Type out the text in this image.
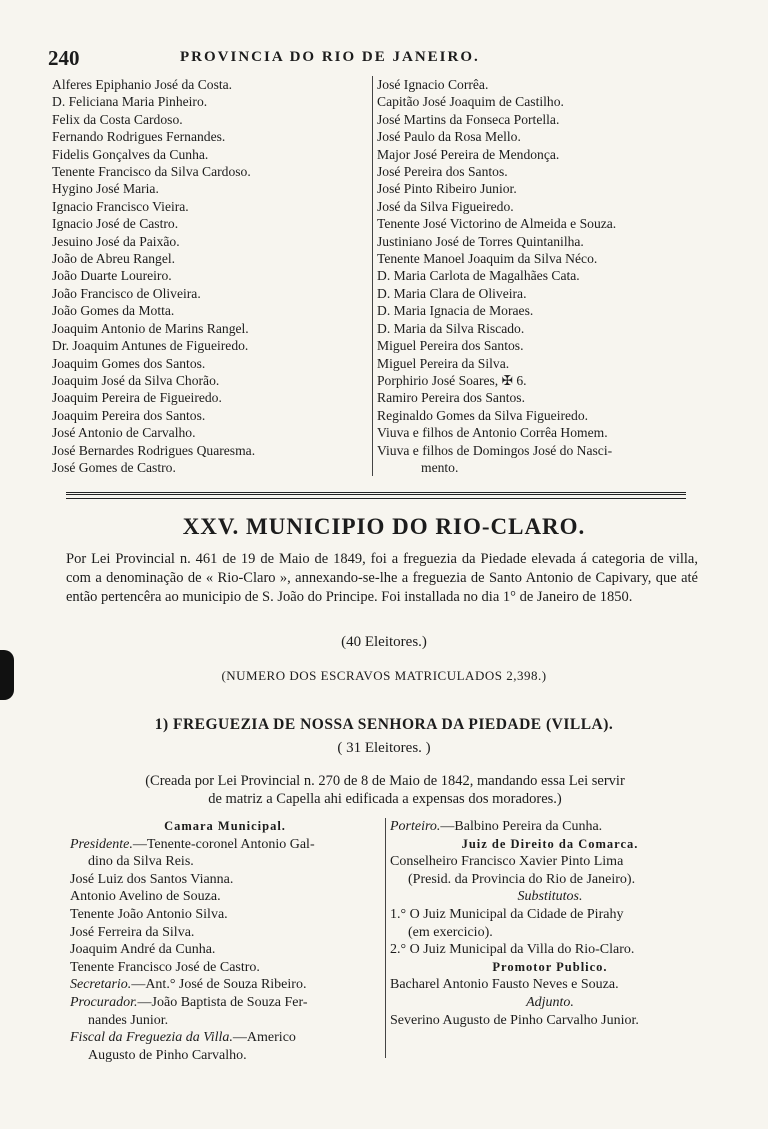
240	PROVINCIA DO RIO DE JANEIRO.
Alferes Epiphanio José da Costa.
D. Feliciana Maria Pinheiro.
Felix da Costa Cardoso.
Fernando Rodrigues Fernandes.
Fidelis Gonçalves da Cunha.
Tenente Francisco da Silva Cardoso.
Hygino José Maria.
Ignacio Francisco Vieira.
Ignacio José de Castro.
Jesuino José da Paixão.
João de Abreu Rangel.
João Duarte Loureiro.
João Francisco de Oliveira.
João Gomes da Motta.
Joaquim Antonio de Marins Rangel.
Dr. Joaquim Antunes de Figueiredo.
Joaquim Gomes dos Santos.
Joaquim José da Silva Chorão.
Joaquim Pereira de Figueiredo.
Joaquim Pereira dos Santos.
José Antonio de Carvalho.
José Bernardes Rodrigues Quaresma.
José Gomes de Castro.
José Ignacio Corrêa.
Capitão José Joaquim de Castilho.
José Martins da Fonseca Portella.
José Paulo da Rosa Mello.
Major José Pereira de Mendonça.
José Pereira dos Santos.
José Pinto Ribeiro Junior.
José da Silva Figueiredo.
Tenente José Victorino de Almeida e Souza.
Justiniano José de Torres Quintanilha.
Tenente Manoel Joaquim da Silva Néco.
D. Maria Carlota de Magalhães Cata.
D. Maria Clara de Oliveira.
D. Maria Ignacia de Moraes.
D. Maria da Silva Riscado.
Miguel Pereira dos Santos.
Miguel Pereira da Silva.
Porphirio José Soares, ✠ 6.
Ramiro Pereira dos Santos.
Reginaldo Gomes da Silva Figueiredo.
Viuva e filhos de Antonio Corrêa Homem.
Viuva e filhos de Domingos José do Nasci-
mento.
XXV. MUNICIPIO DO RIO-CLARO.
Por Lei Provincial n. 461 de 19 de Maio de 1849, foi a freguezia da Piedade elevada á categoria de villa, com a denominação de « Rio-Claro », annexando-se-lhe a freguezia de Santo Antonio de Capivary, que até então pertencêra ao municipio de S. João do Principe. Foi installada no dia 1° de Janeiro de 1850.
(40 Eleitores.)
(NUMERO DOS ESCRAVOS MATRICULADOS 2,398.)
1) FREGUEZIA DE NOSSA SENHORA DA PIEDADE (VILLA).
( 31 Eleitores. )
(Creada por Lei Provincial n. 270 de 8 de Maio de 1842, mandando essa Lei servir
de matriz a Capella ahi edificada a expensas dos moradores.)
Camara Municipal.
Presidente.—Tenente-coronel Antonio Gal-
dino da Silva Reis.
José Luiz dos Santos Vianna.
Antonio Avelino de Souza.
Tenente João Antonio Silva.
José Ferreira da Silva.
Joaquim André da Cunha.
Tenente Francisco José de Castro.
Secretario.—Ant.° José de Souza Ribeiro.
Procurador.—João Baptista de Souza Fer-
nandes Junior.
Fiscal da Freguezia da Villa.—Americo
Augusto de Pinho Carvalho.
Porteiro.—Balbino Pereira da Cunha.
Juiz de Direito da Comarca.
Conselheiro Francisco Xavier Pinto Lima
(Presid. da Provincia do Rio de Janeiro).
Substitutos.
1.° O Juiz Municipal da Cidade de Pirahy
(em exercicio).
2.° O Juiz Municipal da Villa do Rio-Claro.
Promotor Publico.
Bacharel Antonio Fausto Neves e Souza.
Adjunto.
Severino Augusto de Pinho Carvalho Junior.
